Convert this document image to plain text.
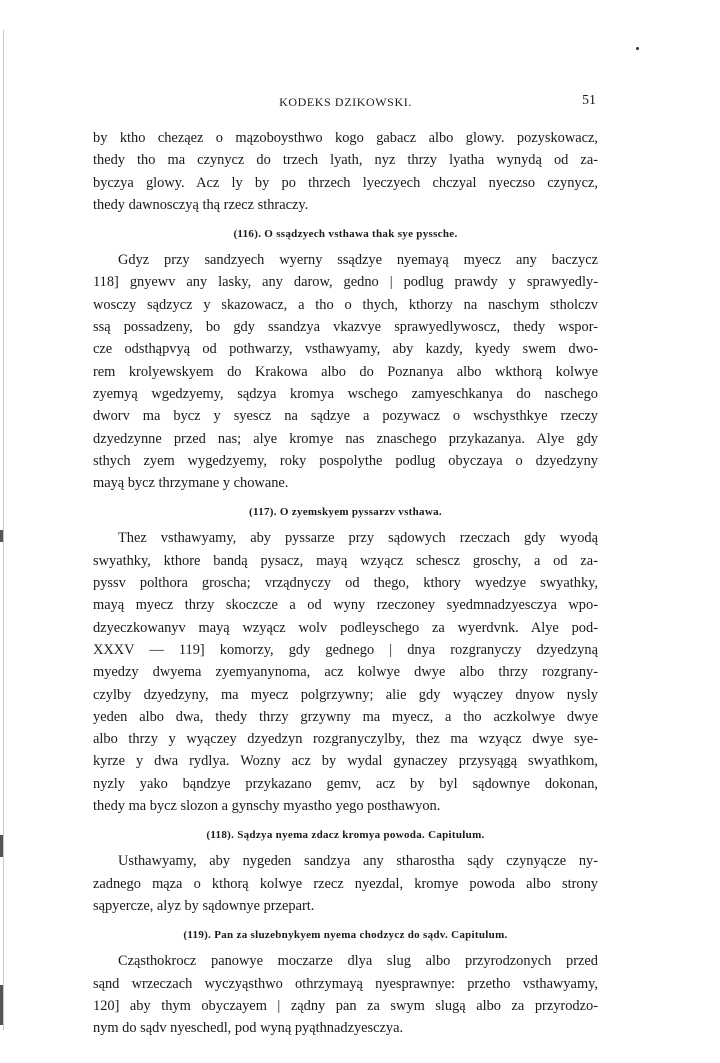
KODEKS DZIKOWSKI.	51
by ktho cheząez o mązoboysthwo kogo gabacz albo glowy. pozyskowacz,
thedy tho ma czynycz do trzech lyath, nyz thrzy lyatha wynydą od za-
byczya glowy. Acz ly by po thrzech lyeczyech chczyal nyeczso czynycz,
thedy dawnosczyą thą rzecz sthraczy.
(116). O ssądzyech vsthawa thak sye pyssche.
Gdyz przy sandzyech wyerny ssądzye nyemayą myecz any baczycz
118] gnyewv any lasky, any darow, gedno | podlug prawdy y sprawyedly-
wosczy sądzycz y skazowacz, a tho o thych, kthorzy na naschym stholczv
ssą possadzeny, bo gdy ssandzya vkazvye sprawyedlywoscz, thedy wspor-
cze odsthąpvyą od pothwarzy, vsthawyamy, aby kazdy, kyedy swem dwo-
rem krolyewskyem do Krakowa albo do Poznanya albo wkthorą kolwye
zyemyą wgedzyemy, sądzya kromya wschego zamyeschkanya do naschego
dworv ma bycz y syescz na sądzye a pozywacz o wschysthkye rzeczy
dzyedzynne przed nas; alye kromye nas znaschego przykazanya. Alye gdy
sthych zyem wygedzyemy, roky pospolythe podlug obyczaya o dzyedzyny
mayą bycz thrzymane y chowane.
(117). O zyemskyem pyssarzv vsthawa.
Thez vsthawyamy, aby pyssarze przy sądowych rzeczach gdy wyodą
swyathky, kthore bandą pysacz, mayą wzyącz schescz groschy, a od za-
pyssv polthora groscha; vrządnyczy od thego, kthory wyedzye swyathky,
mayą myecz thrzy skoczcze a od wyny rzeczoney syedmnadzyesczya wpo-
dzyeczkowanyv mayą wzyącz wolv podleyschego za wyerdvnk. Alye pod-
XXXV — 119] komorzy, gdy gednego | dnya rozgranyczy dzyedzyną
myedzy dwyema zyemyanynoma, acz kolwye dwye albo thrzy rozgrany-
czylby dzyedzyny, ma myecz polgrzywny; alie gdy wyączey dnyow nysly
yeden albo dwa, thedy thrzy grzywny ma myecz, a tho aczkolwye dwye
albo thrzy y wyączey dzyedzyn rozgranyczylby, thez ma wzyącz dwye sye-
kyrze y dwa rydlya. Wozny acz by wydal gynaczey przysyągą swyathkom,
nyzly yako bąndzye przykazano gemv, acz by byl sądownye dokonan,
thedy ma bycz slozon a gynschy myastho yego posthawyon.
(118). Sądzya nyema zdacz kromya powoda. Capitulum.
Usthawyamy, aby nygeden sandzya any stharostha sądy czynyącze ny-
zadnego mąza o kthorą kolwye rzecz nyezdal, kromye powoda albo strony
sąpyercze, alyz by sądownye przepart.
(119). Pan za sluzebnykyem nyema chodzycz do sądv. Capitulum.
Cząsthokrocz panowye moczarze dlya slug albo przyrodzonych przed
sąnd wrzeczach wyczyąsthwo othrzymayą nyesprawnye: przetho vsthawyamy,
120] aby thym obyczayem | ządny pan za swym slugą albo za przyrodzo-
nym do sądv nyeschedl, pod wyną pyąthnadzyesczya.
